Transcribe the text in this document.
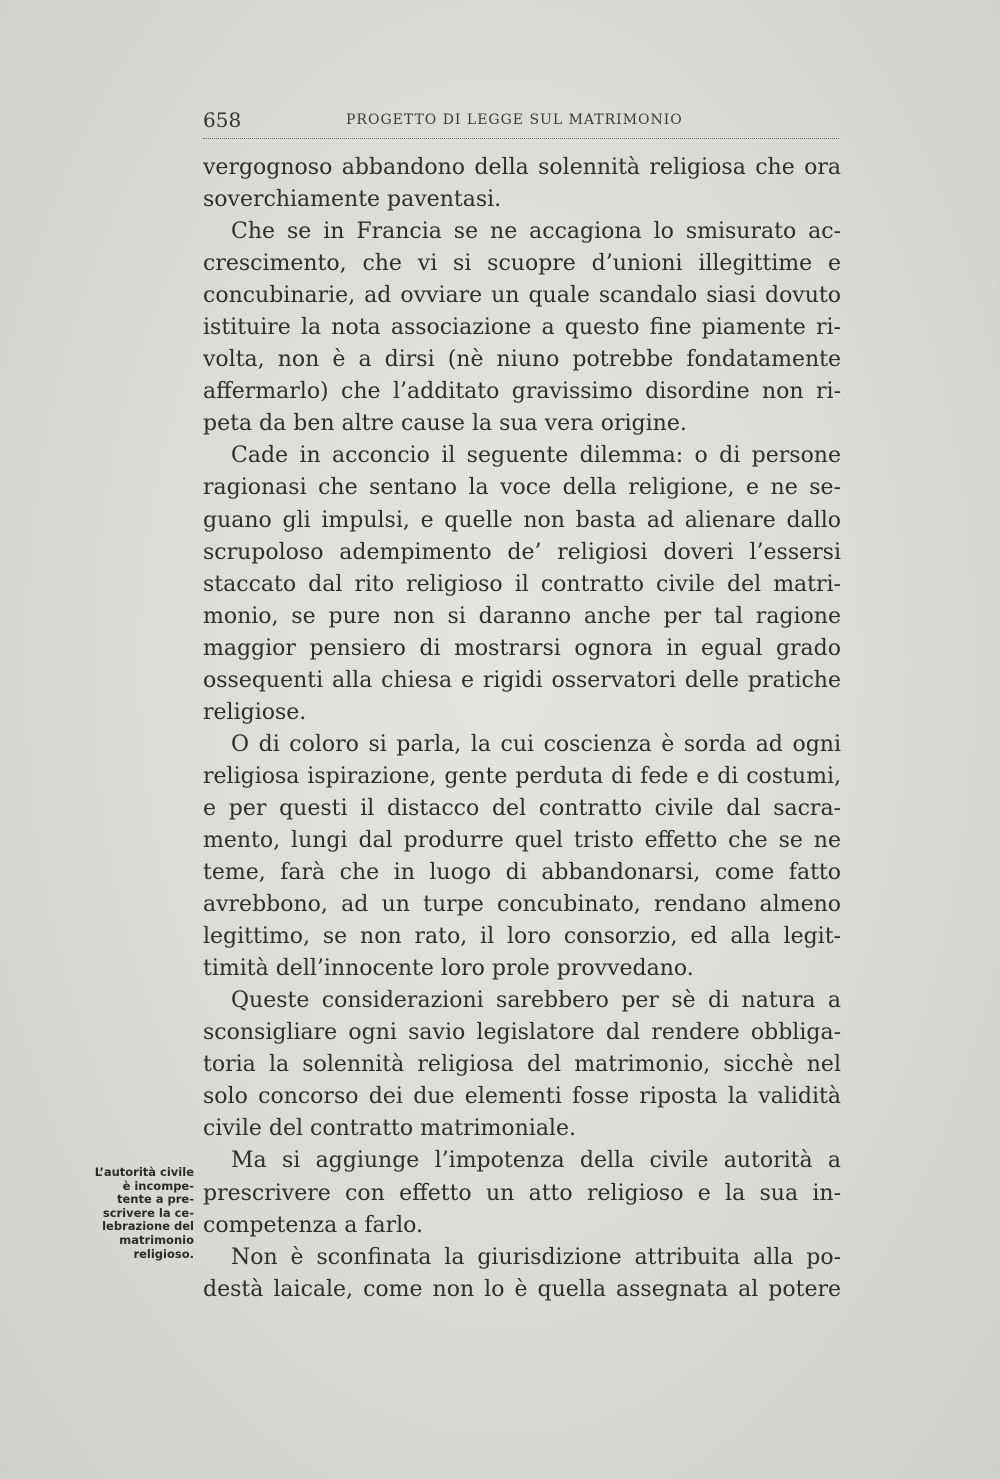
658	PROGETTO DI LEGGE SUL MATRIMONIO
vergognoso abbandono della solennità religiosa che ora
soverchiamente paventasi.
Che se in Francia se ne accagiona lo smisurato ac-
crescimento, che vi si scuopre d’unioni illegittime e
concubinarie, ad ovviare un quale scandalo siasi dovuto
istituire la nota associazione a questo fine piamente ri-
volta, non è a dirsi (nè niuno potrebbe fondatamente
affermarlo) che l’additato gravissimo disordine non ri-
peta da ben altre cause la sua vera origine.
Cade in acconcio il seguente dilemma: o di persone
ragionasi che sentano la voce della religione, e ne se-
guano gli impulsi, e quelle non basta ad alienare dallo
scrupoloso adempimento de’ religiosi doveri l’essersi
staccato dal rito religioso il contratto civile del matri-
monio, se pure non si daranno anche per tal ragione
maggior pensiero di mostrarsi ognora in egual grado
ossequenti alla chiesa e rigidi osservatori delle pratiche
religiose.
O di coloro si parla, la cui coscienza è sorda ad ogni
religiosa ispirazione, gente perduta di fede e di costumi,
e per questi il distacco del contratto civile dal sacra-
mento, lungi dal produrre quel tristo effetto che se ne
teme, farà che in luogo di abbandonarsi, come fatto
avrebbono, ad un turpe concubinato, rendano almeno
legittimo, se non rato, il loro consorzio, ed alla legit-
timità dell’innocente loro prole provvedano.
Queste considerazioni sarebbero per sè di natura a
sconsigliare ogni savio legislatore dal rendere obbliga-
toria la solennità religiosa del matrimonio, sicchè nel
solo concorso dei due elementi fosse riposta la validità
civile del contratto matrimoniale.
Ma si aggiunge l’impotenza della civile autorità a
prescrivere con effetto un atto religioso e la sua in-
competenza a farlo.
Non è sconfinata la giurisdizione attribuita alla po-
destà laicale, come non lo è quella assegnata al potere
L’autorità civile
è incompe-
tente a pre-
scrivere la ce-
lebrazione del
matrimonio
religioso.
